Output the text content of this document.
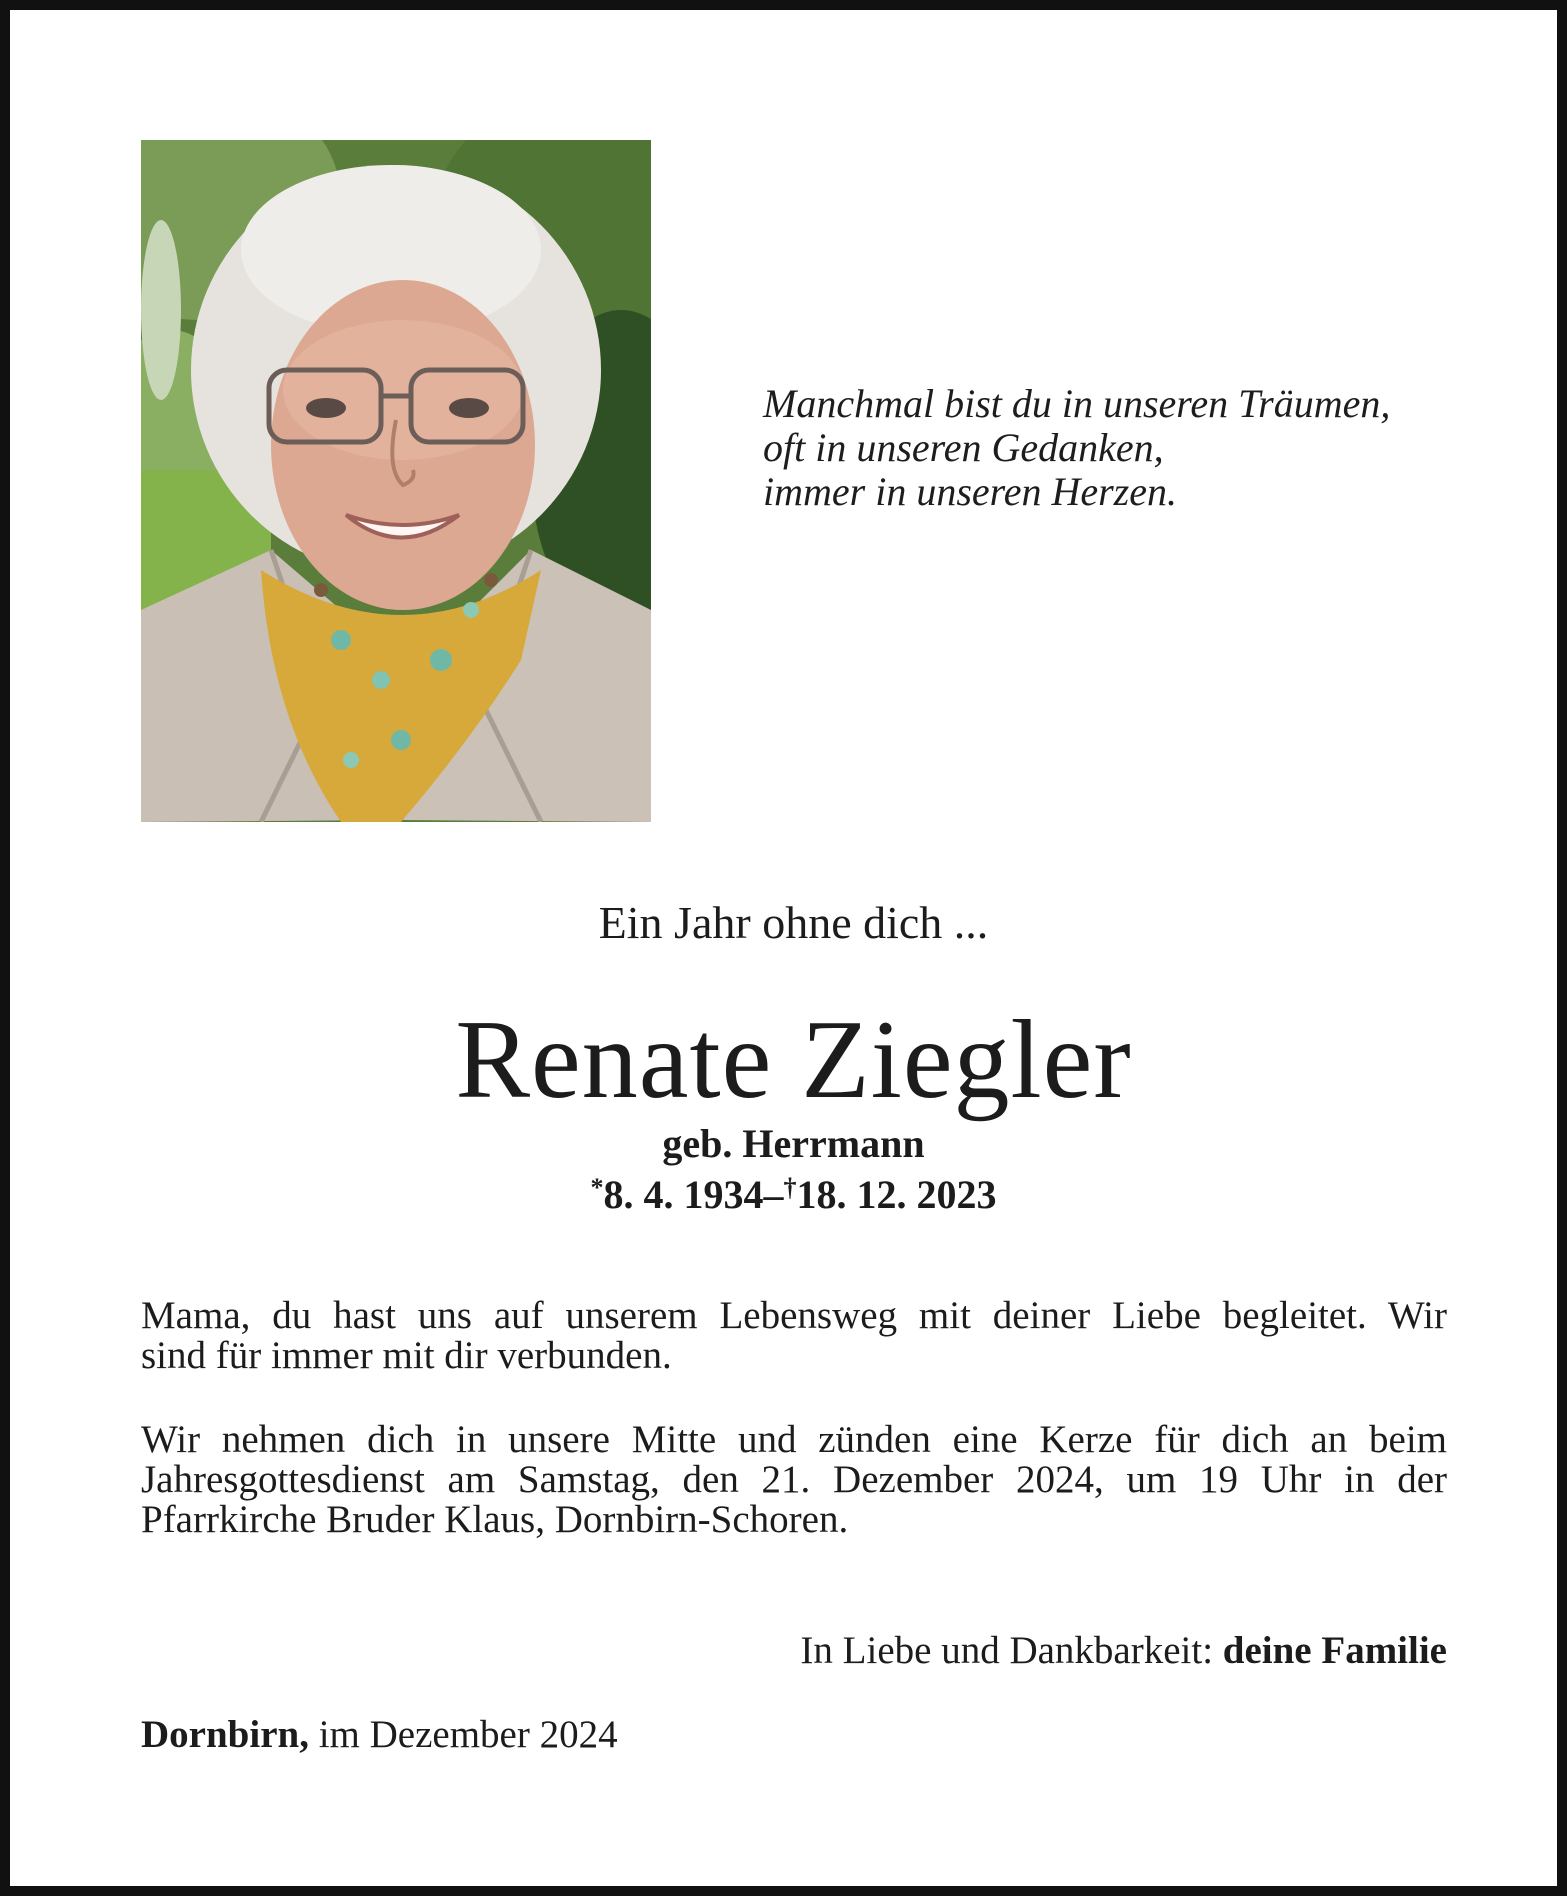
Manchmal bist du in unseren Träumen,
oft in unseren Gedanken,
immer in unseren Herzen.
Ein Jahr ohne dich ...
Renate Ziegler
geb. Herrmann
*8. 4. 1934–†18. 12. 2023
Mama, du hast uns auf unserem Lebensweg mit deiner Liebe begleitet. Wir
sind für immer mit dir verbunden.
Wir nehmen dich in unsere Mitte und zünden eine Kerze für dich an beim
Jahresgottesdienst am Samstag, den 21. Dezember 2024, um 19 Uhr in der
Pfarrkirche Bruder Klaus, Dornbirn-Schoren.
In Liebe und Dankbarkeit: deine Familie
Dornbirn, im Dezember 2024
